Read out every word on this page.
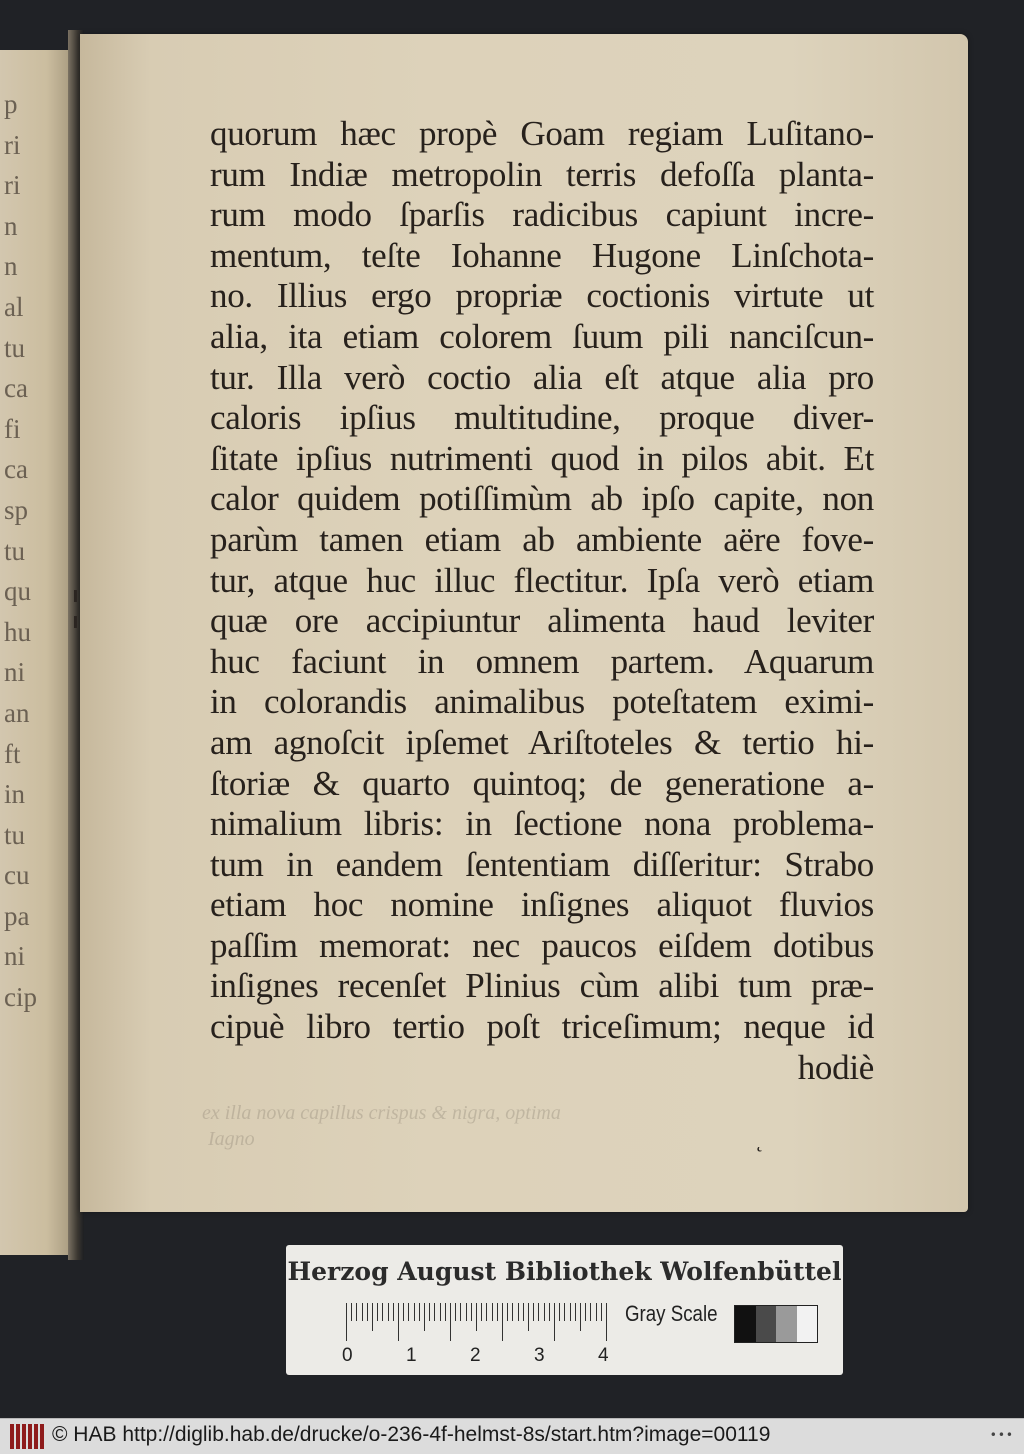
p
ri
ri
n
n
al
tu
ca
fi
ca
sp
tu
qu
hu
ni
an
ft
in
tu
cu
pa
ni
cip
quorum hæc propè Goam regiam Luſitano-
rum Indiæ metropolin terris defoſſa planta-
rum modo ſparſis radicibus capiunt incre-
mentum, teſte Iohanne Hugone Linſchota-
no. Illius ergo propriæ coctionis virtute ut
alia, ita etiam colorem ſuum pili nanciſcun-
tur. Illa verò coctio alia eſt atque alia pro
caloris ipſius multitudine, proque diver-
ſitate ipſius nutrimenti quod in pilos abit. Et
calor quidem potiſſimùm ab ipſo capite, non
parùm tamen etiam ab ambiente aëre fove-
tur, atque huc illuc flectitur. Ipſa verò etiam
quæ ore accipiuntur alimenta haud leviter
huc faciunt in omnem partem. Aquarum
in colorandis animalibus poteſtatem eximi-
am agnoſcit ipſemet Ariſtoteles & tertio hi-
ſtoriæ & quarto quintoq; de generatione a-
nimalium libris: in ſectione nona problema-
tum in eandem ſententiam diſſeritur: Strabo
etiam hoc nomine inſignes aliquot fluvios
paſſim memorat: nec paucos eiſdem dotibus
inſignes recenſet Plinius cùm alibi tum præ-
cipuè libro tertio poſt triceſimum; neque id
hodiè
ex illa nova capillus crispus & nigra, optima
Iagno	˛
Herzog August Bibliothek Wolfenbüttel
0	1	2	3	4
Gray Scale
© HAB http://diglib.hab.de/drucke/o-236-4f-helmst-8s/start.htm?image=00119	•••
